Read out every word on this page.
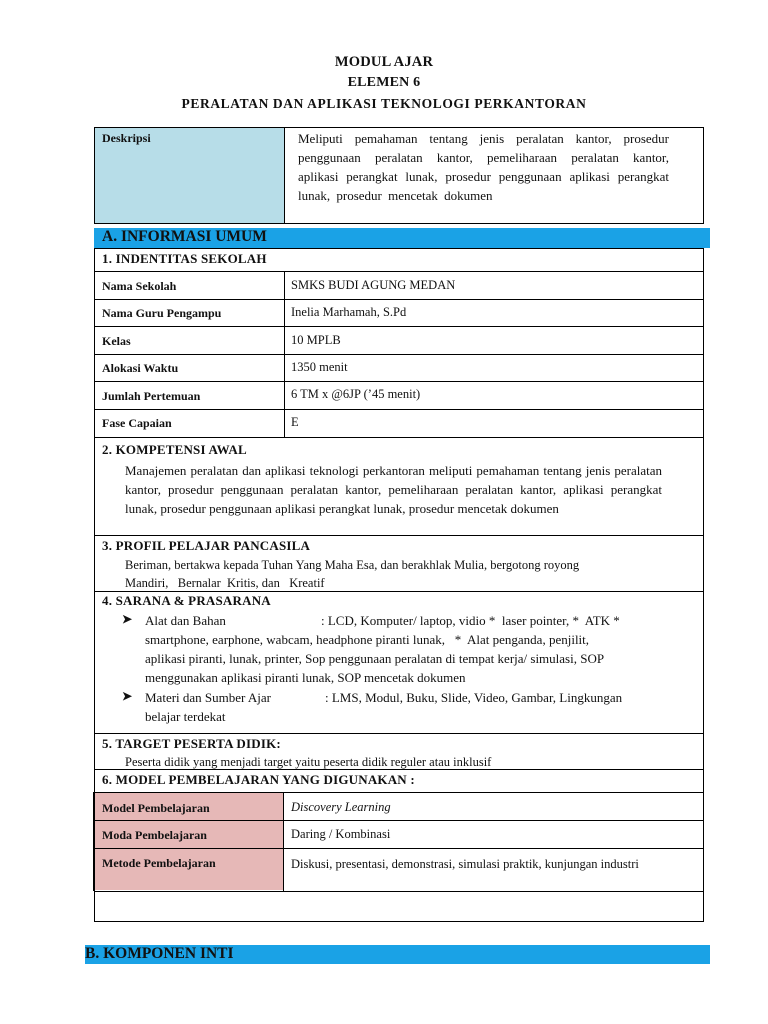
MODUL AJAR
ELEMEN 6
PERALATAN DAN APLIKASI TEKNOLOGI PERKANTORAN
Deskripsi	Meliputi pemahaman tentang jenis peralatan kantor, prosedur penggunaan peralatan kantor, pemeliharaan peralatan kantor, aplikasi perangkat lunak, prosedur penggunaan aplikasi perangkat lunak, prosedur mencetak dokumen
A. INFORMASI UMUM
1. INDENTITAS SEKOLAH
Nama Sekolah	SMKS BUDI AGUNG MEDAN
Nama Guru Pengampu	Inelia Marhamah, S.Pd
Kelas	10 MPLB
Alokasi Waktu	1350 menit
Jumlah Pertemuan	6 TM x @6JP (’45 menit)
Fase Capaian	E
2. KOMPETENSI AWAL
Manajemen peralatan dan aplikasi teknologi perkantoran meliputi pemahaman tentang jenis peralatan kantor, prosedur penggunaan peralatan kantor, pemeliharaan peralatan kantor, aplikasi perangkat lunak, prosedur penggunaan aplikasi perangkat lunak, prosedur mencetak dokumen
3. PROFIL PELAJAR PANCASILA
Beriman, bertakwa kepada Tuhan Yang Maha Esa, dan berakhlak Mulia, bergotong royong
Mandiri,   Bernalar  Kritis, dan   Kreatif
4. SARANA & PRASARANA
➤ Alat dan Bahan	: LCD, Komputer/ laptop, vidio *  laser pointer, *  ATK *
smartphone, earphone, wabcam, headphone piranti lunak,   *  Alat penganda, penjilit,
aplikasi piranti, lunak, printer, Sop penggunaan peralatan di tempat kerja/ simulasi, SOP
menggunakan aplikasi piranti lunak, SOP mencetak dokumen
➤ Materi dan Sumber Ajar	: LMS, Modul, Buku, Slide, Video, Gambar, Lingkungan
belajar terdekat
5. TARGET PESERTA DIDIK:
Peserta didik yang menjadi target yaitu peserta didik reguler atau inklusif
6. MODEL PEMBELAJARAN YANG DIGUNAKAN :
Model Pembelajaran	Discovery Learning
Moda Pembelajaran	Daring / Kombinasi
Metode Pembelajaran	Diskusi, presentasi, demonstrasi, simulasi praktik, kunjungan industri
B. KOMPONEN INTI
